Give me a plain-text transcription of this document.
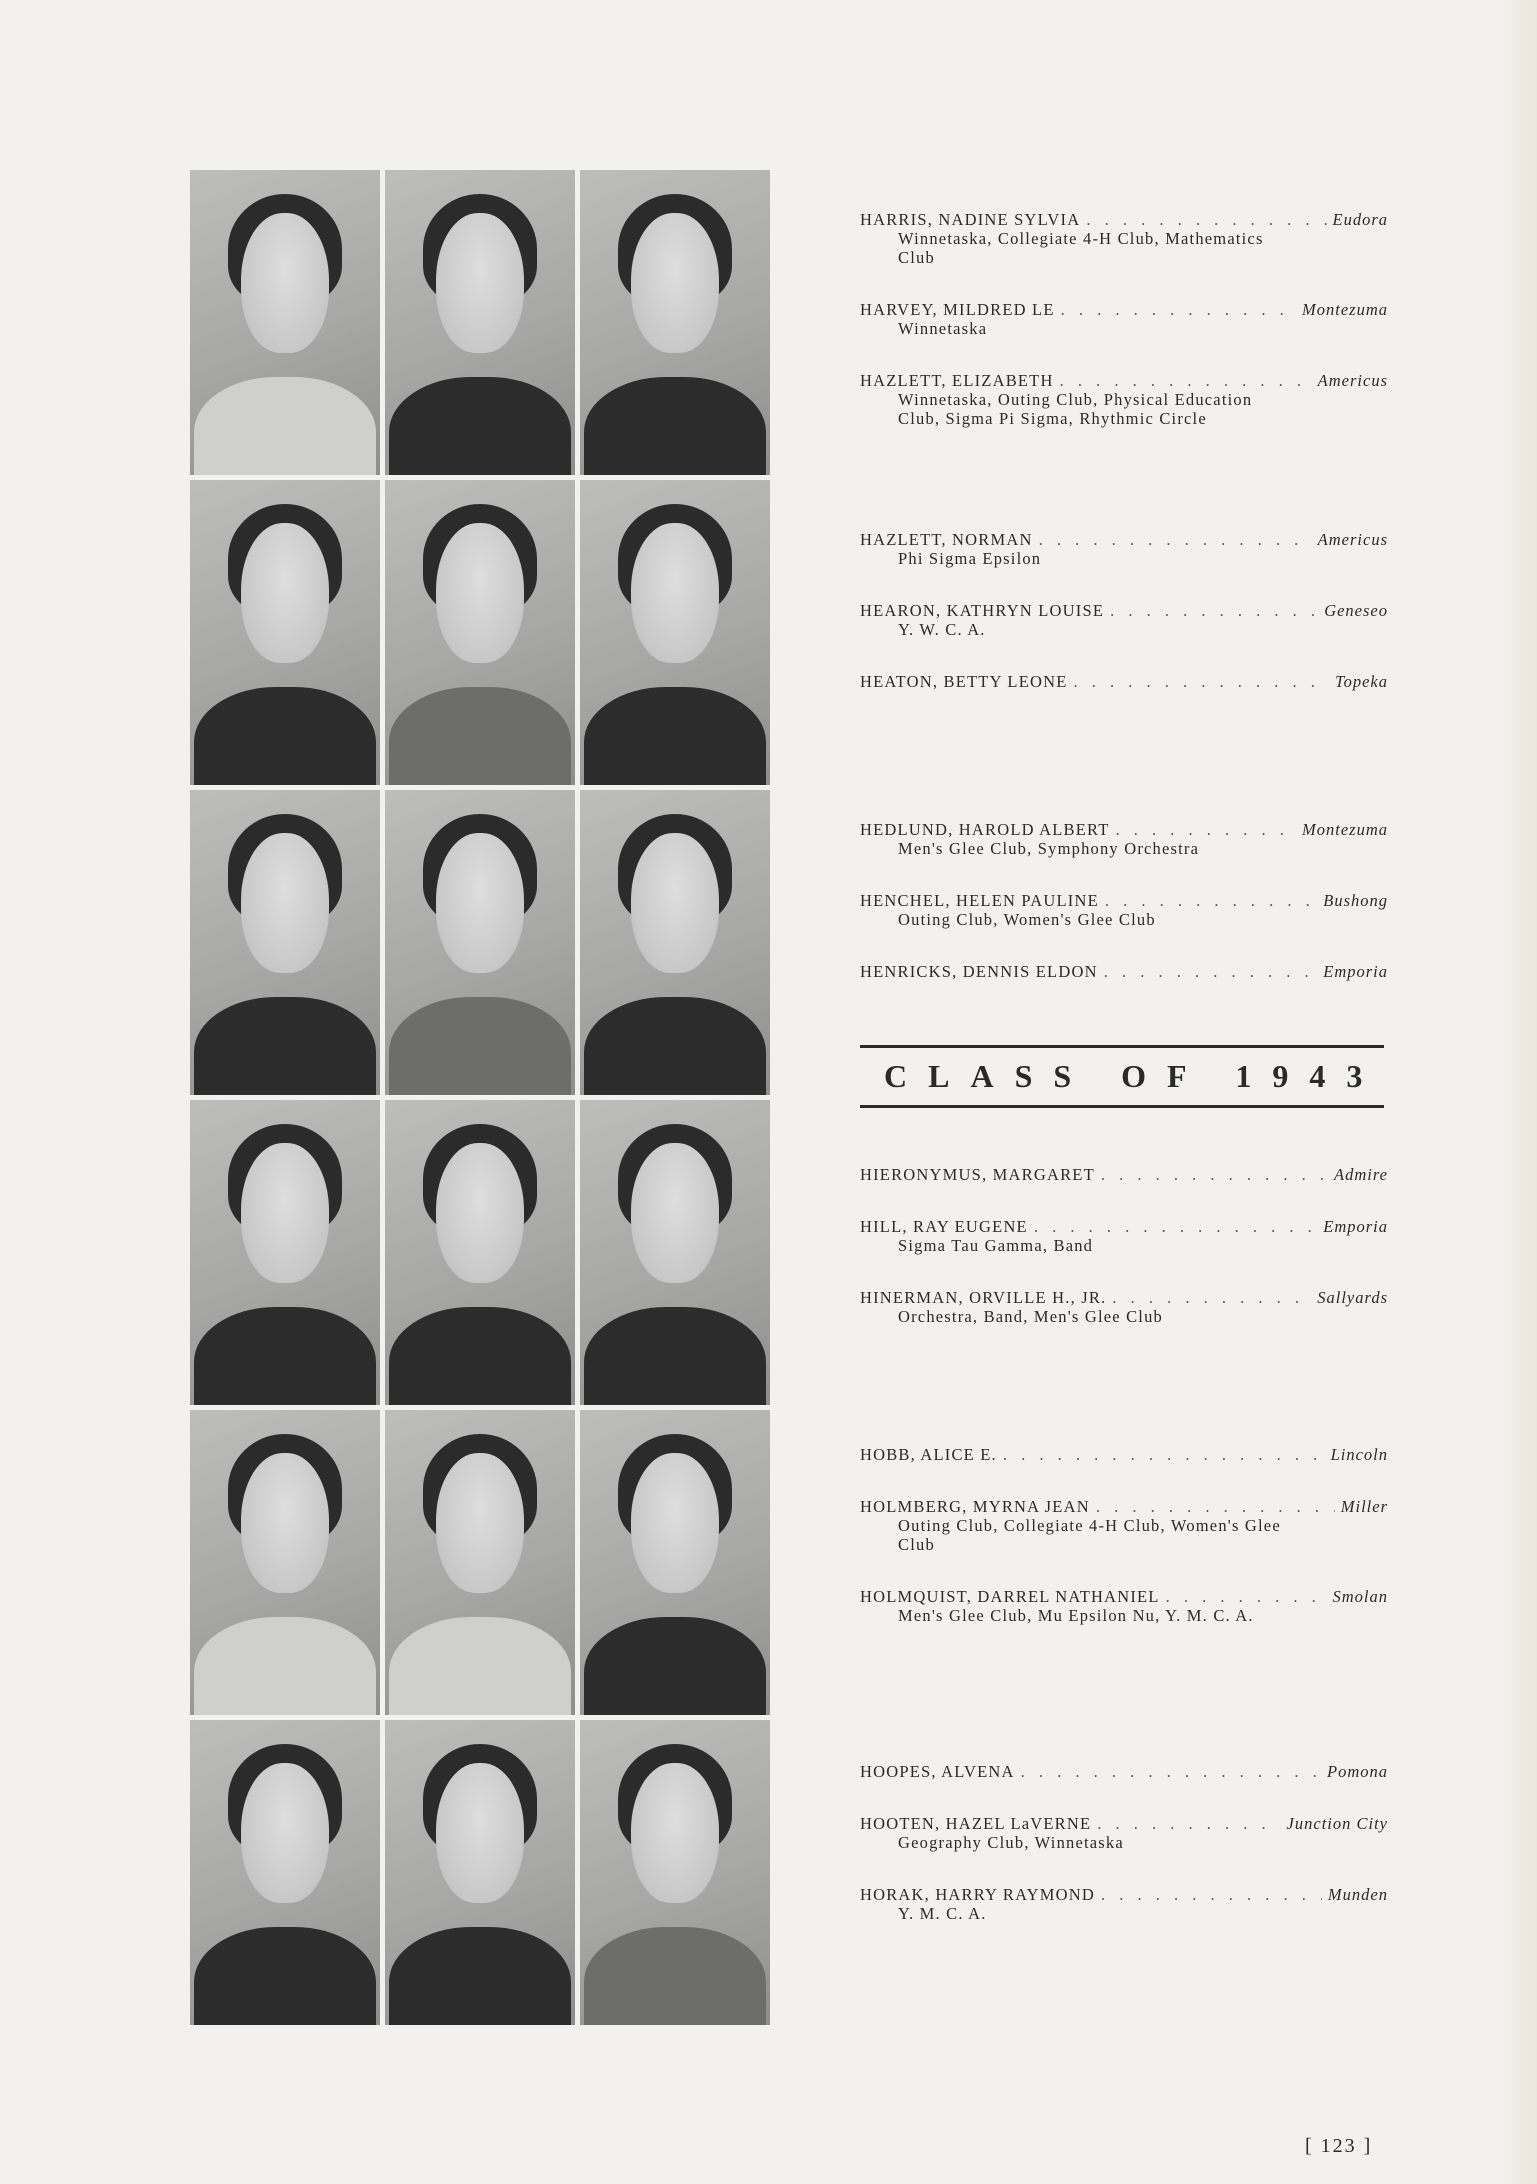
HARRIS, NADINE SYLVIA . . .	Eudora
Winnetaska, Collegiate 4-H Club, Mathematics
Club
HARVEY, MILDRED LE . . .	Montezuma
Winnetaska
HAZLETT, ELIZABETH . . .	Americus
Winnetaska, Outing Club, Physical Education
Club, Sigma Pi Sigma, Rhythmic Circle
HAZLETT, NORMAN . . .	Americus
Phi Sigma Epsilon
HEARON, KATHRYN LOUISE . . .	Geneseo
Y. W. C. A.
HEATON, BETTY LEONE . . .	Topeka
HEDLUND, HAROLD ALBERT . . .	Montezuma
Men's Glee Club, Symphony Orchestra
HENCHEL, HELEN PAULINE . . .	Bushong
Outing Club, Women's Glee Club
HENRICKS, DENNIS ELDON . . .	Emporia
CLASS OF 1943
HIERONYMUS, MARGARET . . .	Admire
HILL, RAY EUGENE . . .	Emporia
Sigma Tau Gamma, Band
HINERMAN, ORVILLE H., JR. . . .	Sallyards
Orchestra, Band, Men's Glee Club
HOBB, ALICE E. . . .	Lincoln
HOLMBERG, MYRNA JEAN . . .	Miller
Outing Club, Collegiate 4-H Club, Women's Glee
Club
HOLMQUIST, DARREL NATHANIEL . . .	Smolan
Men's Glee Club, Mu Epsilon Nu, Y. M. C. A.
HOOPES, ALVENA . . .	Pomona
HOOTEN, HAZEL LaVERNE . . .	Junction City
Geography Club, Winnetaska
HORAK, HARRY RAYMOND . . .	Munden
Y. M. C. A.
[ 123 ]
